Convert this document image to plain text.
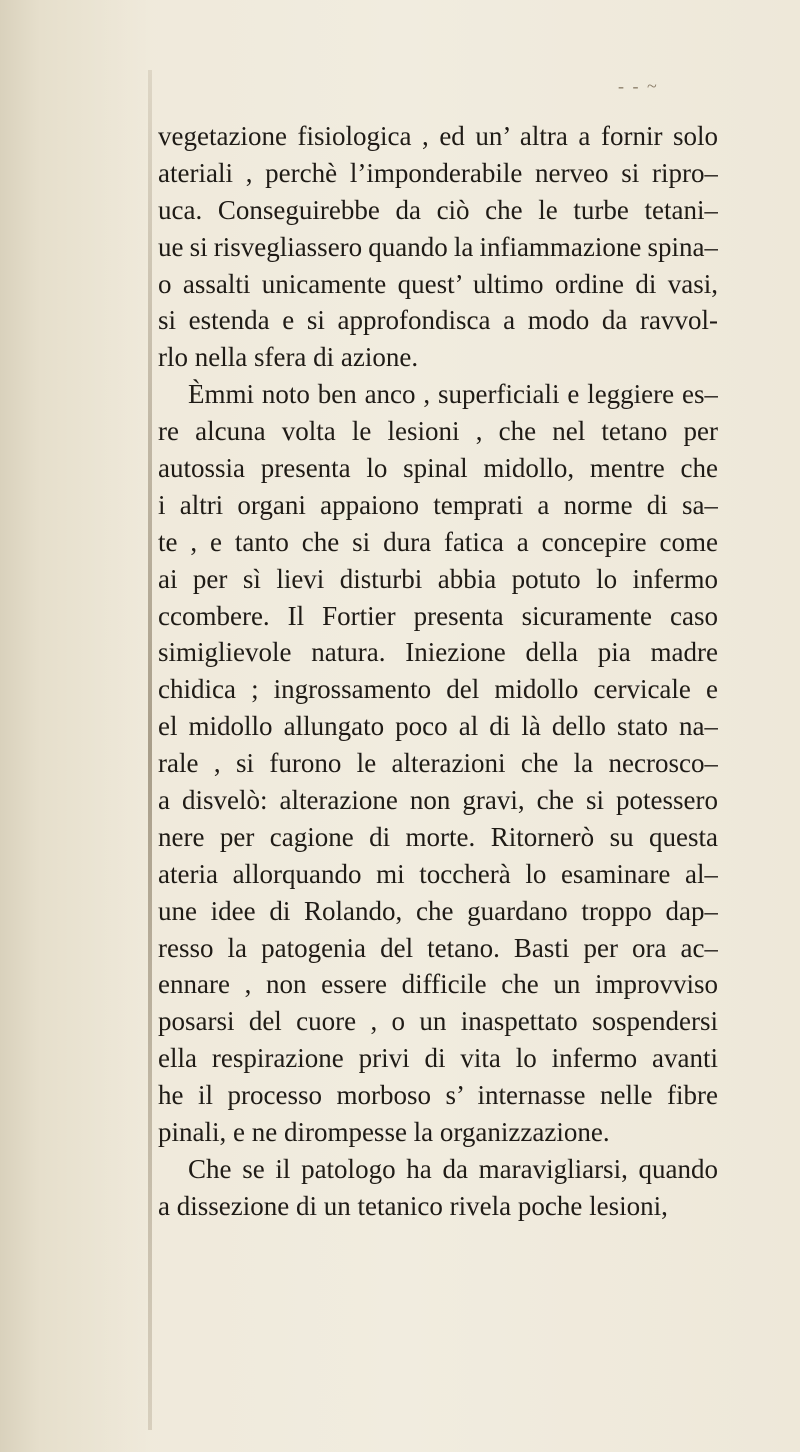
- - ~
vegetazione fisiologica , ed un’ altra a fornir solo
ateriali , perchè l’imponderabile nerveo si ripro–
uca. Conseguirebbe da ciò che le turbe tetani–
ue si risvegliassero quando la infiammazione spina–
o assalti unicamente quest’ ultimo ordine di vasi,
si estenda e si approfondisca a modo da ravvol-
rlo nella sfera di azione.
Èmmi noto ben anco , superficiali e leggiere es–
re alcuna volta le lesioni , che nel tetano per
autossia presenta lo spinal midollo, mentre che
i altri organi appaiono temprati a norme di sa–
te , e tanto che si dura fatica a concepire come
ai per sì lievi disturbi abbia potuto lo infermo
ccombere. Il Fortier presenta sicuramente caso
simiglievole natura. Iniezione della pia madre
chidica ; ingrossamento del midollo cervicale e
el midollo allungato poco al di là dello stato na–
rale , si furono le alterazioni che la necrosco–
a disvelò: alterazione non gravi, che si potessero
nere per cagione di morte. Ritornerò su questa
ateria allorquando mi toccherà lo esaminare al–
une idee di Rolando, che guardano troppo dap–
resso la patogenia del tetano. Basti per ora ac–
ennare , non essere difficile che un improvviso
posarsi del cuore , o un inaspettato sospendersi
ella respirazione privi di vita lo infermo avanti
he il processo morboso s’ internasse nelle fibre
pinali, e ne dirompesse la organizzazione.
Che se il patologo ha da maravigliarsi, quando
a dissezione di un tetanico rivela poche lesioni,
